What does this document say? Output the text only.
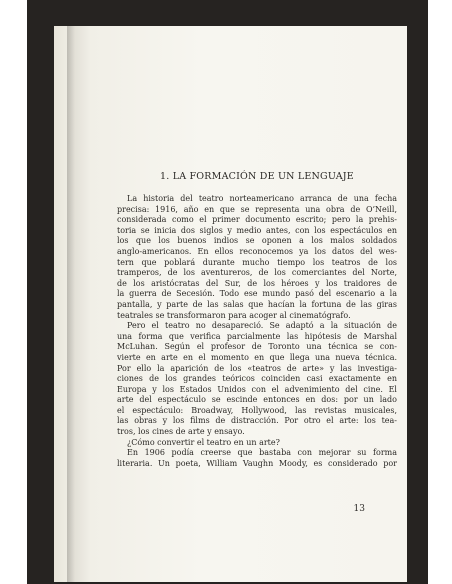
1. LA FORMACIÓN DE UN LENGUAJE
La historia del teatro norteamericano arranca de una fecha
precisa: 1916, año en que se representa una obra de O’Neill,
considerada como el primer documento escrito; pero la prehis-
toria se inicia dos siglos y medio antes, con los espectáculos en
los que los buenos indios se oponen a los malos soldados
anglo-americanos. En ellos reconocemos ya los datos del wes-
tern que poblará durante mucho tiempo los teatros de los
tramperos, de los aventureros, de los comerciantes del Norte,
de los aristócratas del Sur, de los héroes y los traidores de
la guerra de Secesión. Todo ese mundo pasó del escenario a la
pantalla, y parte de las salas que hacían la fortuna de las giras
teatrales se transformaron para acoger al cinematógrafo.
Pero el teatro no desapareció. Se adaptó a la situación de
una forma que verifica parcialmente las hipótesis de Marshal
McLuhan. Según el profesor de Toronto una técnica se con-
vierte en arte en el momento en que llega una nueva técnica.
Por ello la aparición de los «teatros de arte» y las investiga-
ciones de los grandes teóricos coinciden casi exactamente en
Europa y los Estados Unidos con el advenimiento del cine. El
arte del espectáculo se escinde entonces en dos: por un lado
el espectáculo: Broadway, Hollywood, las revistas musicales,
las obras y los films de distracción. Por otro el arte: los tea-
tros, los cines de arte y ensayo.
¿Cómo convertir el teatro en un arte?
En 1906 podía creerse que bastaba con mejorar su forma
literaria. Un poeta, William Vaughn Moody, es considerado por
13
